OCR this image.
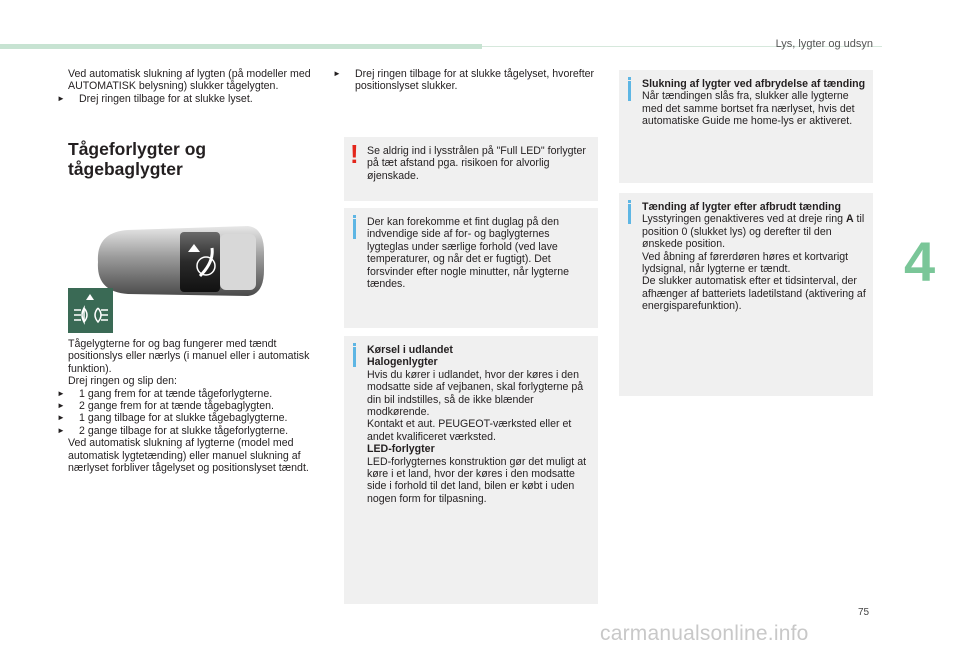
Lys, lygter og udsyn
4

Ved automatisk slukning af lygten (på modeller med AUTOMATISK belysning) slukker tågelygten.

► Drej ringen tilbage for at slukke lyset.

Tågeforlygter og
tågebaglygter

Tågelygterne for og bag fungerer med tændt positionslys eller nærlys (i manuel eller i automatisk funktion).

Drej ringen og slip den:

► 1 gang frem for at tænde tågeforlygterne.

► 2 gange frem for at tænde tågebaglygten.

► 1 gang tilbage for at slukke tågebaglygterne.

► 2 gange tilbage for at slukke tågeforlygterne.

Ved automatisk slukning af lygterne (model med automatisk lygtetænding) eller manuel slukning af nærlyset forbliver tågelyset og positionslyset tændt.

► Drej ringen tilbage for at slukke tågelyset, hvorefter positionslyset slukker.

! Se aldrig ind i lysstrålen på "Full LED" forlygter på tæt afstand pga. risikoen for alvorlig øjenskade.
Der kan forekomme et fint duglag på den indvendige side af for- og baglygternes lygteglas under særlige forhold (ved lave temperaturer, og når det er fugtigt). Det forsvinder efter nogle minutter, når lygterne tændes.

Kørsel i udlandet

Halogenlygter

Hvis du kører i udlandet, hvor der køres i den modsatte side af vejbanen, skal forlygterne på din bil indstilles, så de ikke blænder modkørende.

Kontakt et aut. PEUGEOT-værksted eller et andet kvalificeret værksted.

LED-forlygter

LED-forlygternes konstruktion gør det muligt at køre i et land, hvor der køres i den modsatte side i forhold til det land, bilen er købt i uden nogen form for tilpasning.

Slukning af lygter ved afbrydelse af tænding

Når tændingen slås fra, slukker alle lygterne med det samme bortset fra nærlyset, hvis det automatiske Guide me home-lys er aktiveret.

Tænding af lygter efter afbrudt tænding

Lysstyringen genaktiveres ved at dreje ring A til position 0 (slukket lys) og derefter til den ønskede position.

Ved åbning af førerdøren høres et kortvarigt lydsignal, når lygterne er tændt.

De slukker automatisk efter et tidsinterval, der afhænger af batteriets ladetilstand (aktivering af energisparefunktion).

75
carmanualsonline.info
